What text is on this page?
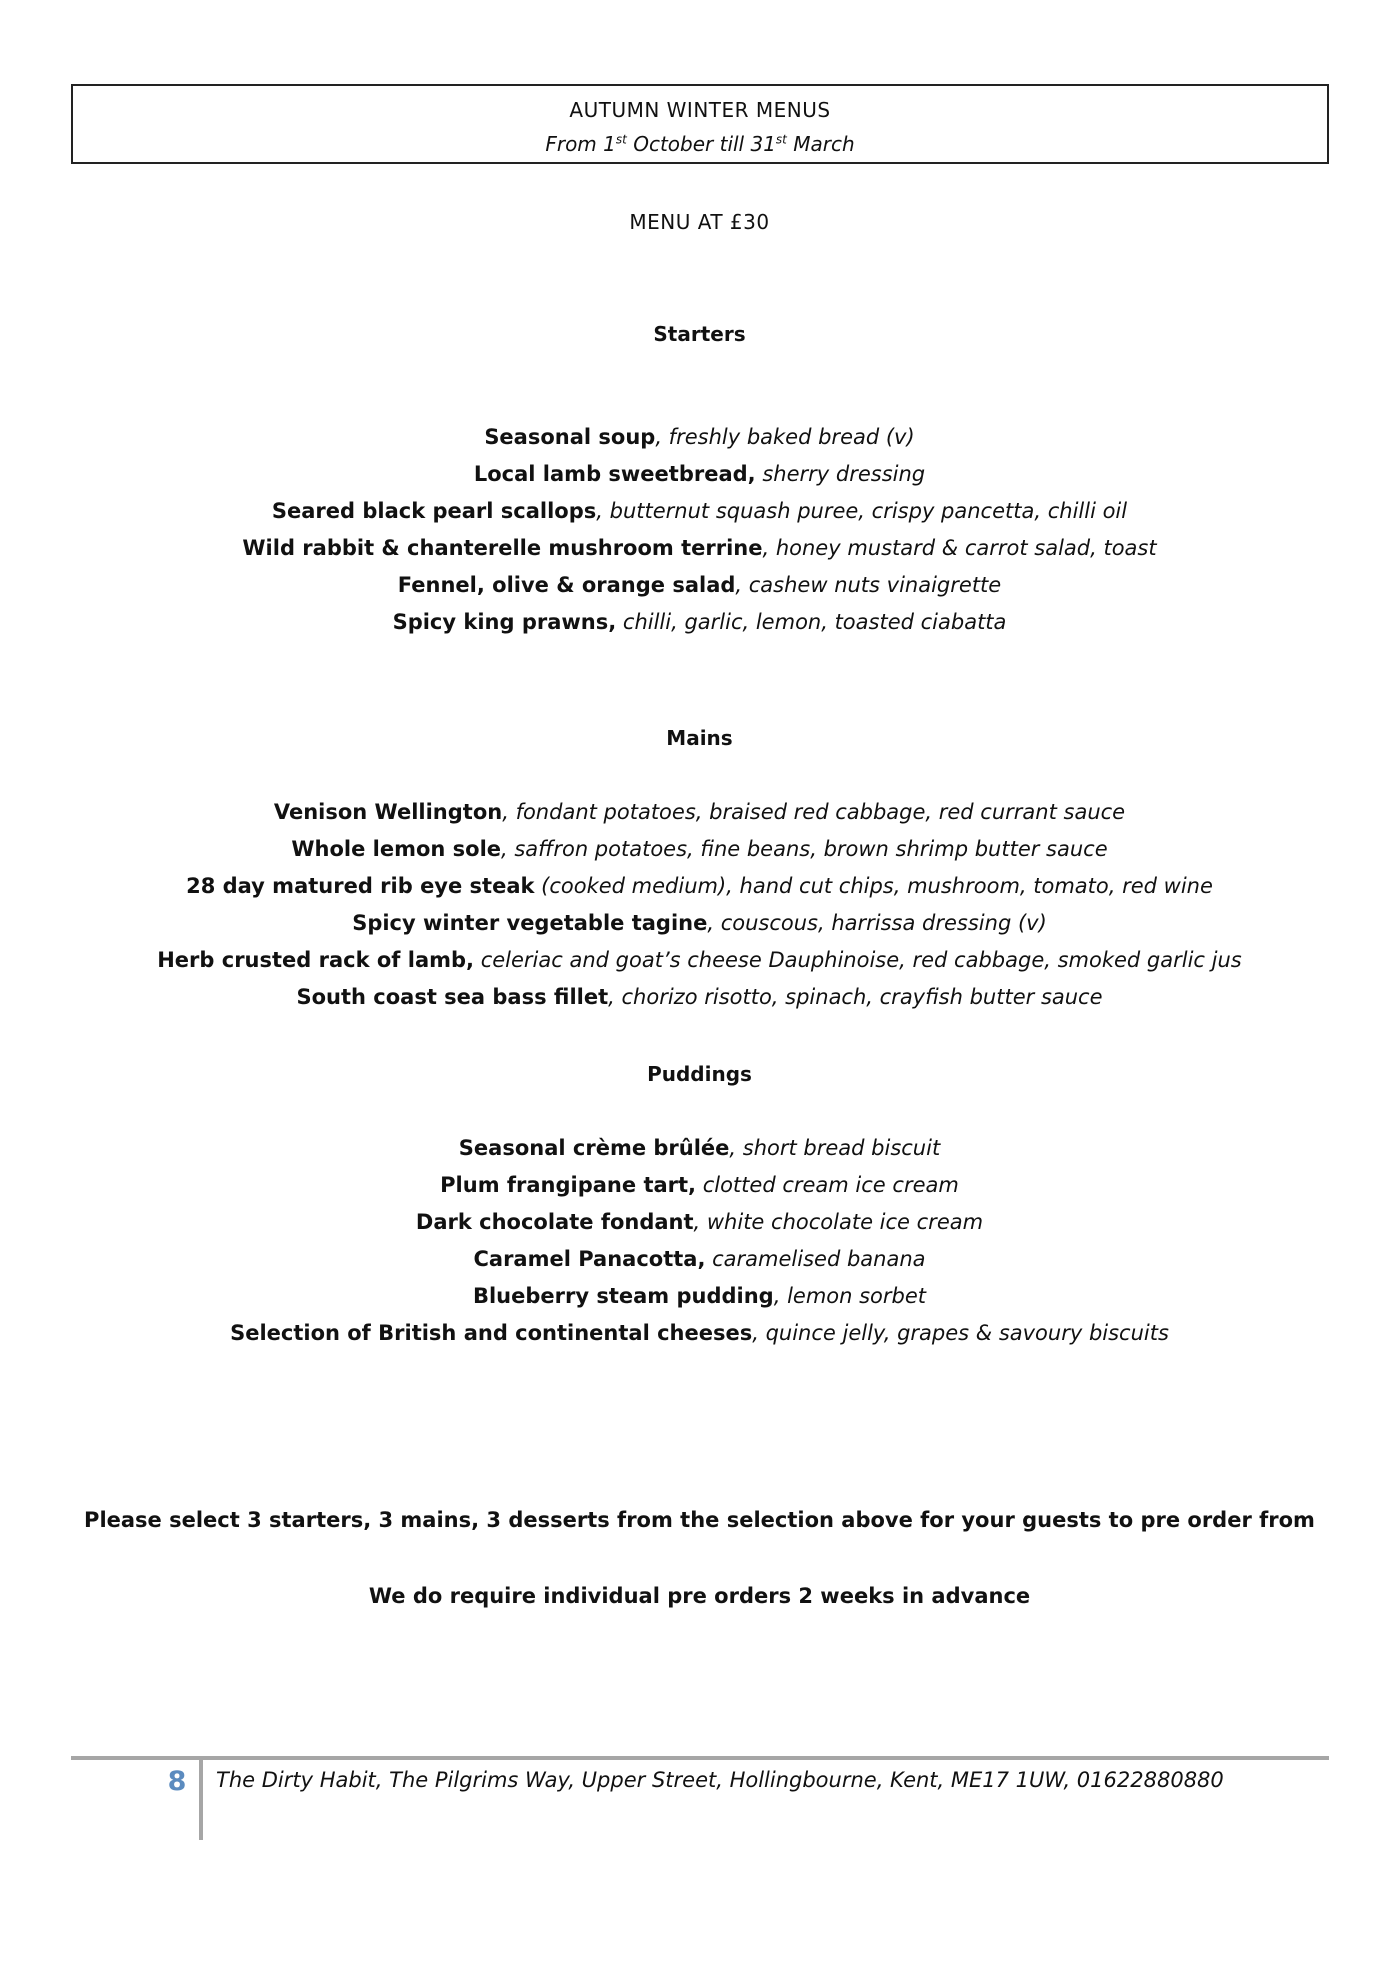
AUTUMN WINTER MENUS
From 1st October till 31st March
MENU AT £30
Starters
Seasonal soup, freshly baked bread (v)
Local lamb sweetbread, sherry dressing
Seared black pearl scallops, butternut squash puree, crispy pancetta, chilli oil
Wild rabbit & chanterelle mushroom terrine, honey mustard & carrot salad, toast
Fennel, olive & orange salad, cashew nuts vinaigrette
Spicy king prawns, chilli, garlic, lemon, toasted ciabatta
Mains
Venison Wellington, fondant potatoes, braised red cabbage, red currant sauce
Whole lemon sole, saffron potatoes, fine beans, brown shrimp butter sauce
28 day matured rib eye steak (cooked medium), hand cut chips, mushroom, tomato, red wine
Spicy winter vegetable tagine, couscous, harrissa dressing (v)
Herb crusted rack of lamb, celeriac and goat’s cheese Dauphinoise, red cabbage, smoked garlic jus
South coast sea bass fillet, chorizo risotto, spinach, crayfish butter sauce
Puddings
Seasonal crème brûlée, short bread biscuit
Plum frangipane tart, clotted cream ice cream
Dark chocolate fondant, white chocolate ice cream
Caramel Panacotta, caramelised banana
Blueberry steam pudding, lemon sorbet
Selection of British and continental cheeses, quince jelly, grapes & savoury biscuits
Please select 3 starters, 3 mains, 3 desserts from the selection above for your guests to pre order from
We do require individual pre orders 2 weeks in advance
8	The Dirty Habit, The Pilgrims Way, Upper Street, Hollingbourne, Kent, ME17 1UW, 01622880880
